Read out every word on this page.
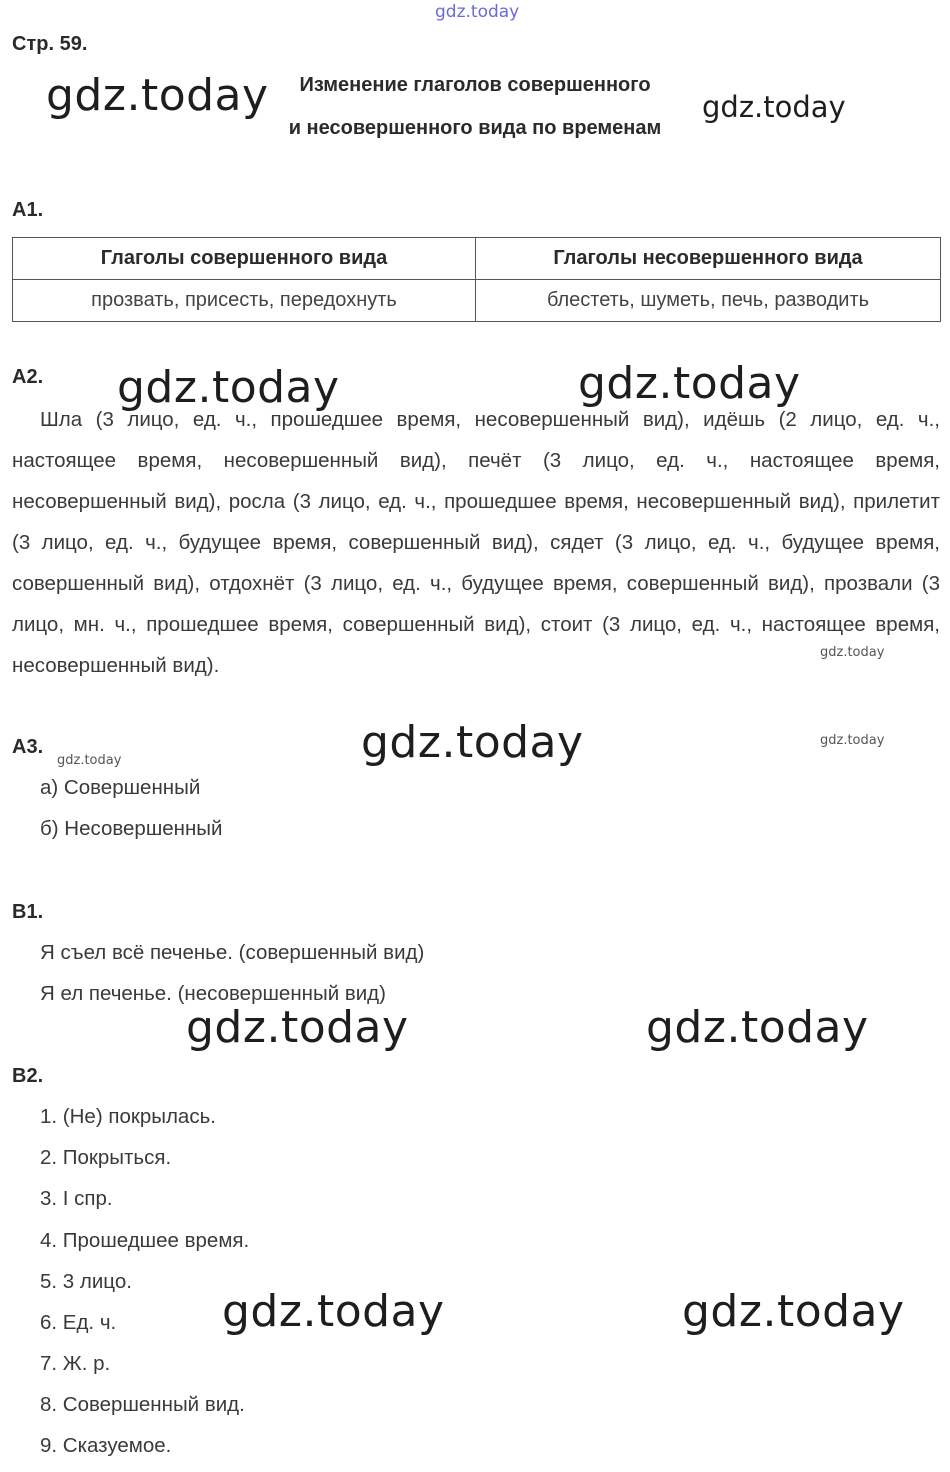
gdz.today
Стр. 59.
Изменение глаголов совершенного
и несовершенного вида по временам
gdz.today	gdz.today
А1.
Глаголы совершенного вида	Глаголы несовершенного вида
прозвать, присесть, передохнуть	блестеть, шуметь, печь, разводить
А2.
Шла (3 лицо, ед. ч., прошедшее время, несовершенный вид), идёшь (2 лицо, ед. ч., настоящее время, несовершенный вид), печёт (3 лицо, ед. ч., настоящее время, несовершенный вид), росла (3 лицо, ед. ч., прошедшее время, несовершенный вид), прилетит (3 лицо, ед. ч., будущее время, совершенный вид), сядет (3 лицо, ед. ч., будущее время, совершенный вид), отдохнёт (3 лицо, ед. ч., будущее время, совершенный вид), прозвали (3 лицо, мн. ч., прошедшее время, совершенный вид), стоит (3 лицо, ед. ч., настоящее время, несовершенный вид).
gdz.today	gdz.today
gdz.today
А3.
gdz.today	gdz.today	gdz.today
а) Совершенный
б) Несовершенный
В1.
Я съел всё печенье. (совершенный вид)
Я ел печенье. (несовершенный вид)
gdz.today	gdz.today
В2.
1. (Не) покрылась.
2. Покрыться.
3. I спр.
4. Прошедшее время.
5. 3 лицо.
6. Ед. ч.
7. Ж. р.
8. Совершенный вид.
9. Сказуемое.
gdz.today	gdz.today
